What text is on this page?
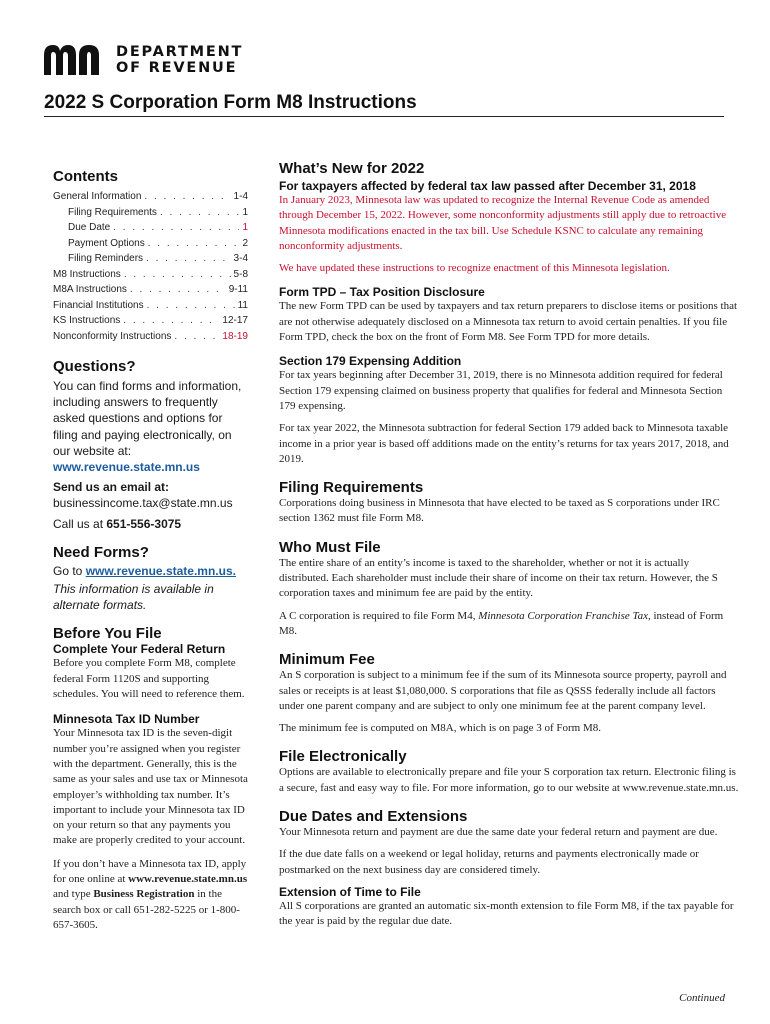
DEPARTMENT
OF REVENUE
2022 S Corporation Form M8 Instructions
Contents
General Information . . .	1-4
Filing Requirements . . .	1
Due Date . . .	1
Payment Options . . .	2
Filing Reminders . . .	3-4
M8 Instructions . . .	5-8
M8A Instructions . . .	9-11
Financial Institutions . . .	11
KS Instructions . . .	12-17
Nonconformity Instructions . . .	18-19
Questions?

You can find forms and information, including answers to frequently asked questions and options for filing and paying electronically, on our website at:

www.revenue.state.mn.us

Send us an email at:

businessincome.tax@state.mn.us

Call us at 651-556-3075

Need Forms?

Go to www.revenue.state.mn.us.

This information is available in alternate formats.

Before You File
Complete Your Federal Return

Before you complete Form M8, complete federal Form 1120S and supporting schedules. You will need to reference them.

Minnesota Tax ID Number

Your Minnesota tax ID is the seven-digit number you’re assigned when you register with the department. Generally, this is the same as your sales and use tax or Minnesota employer’s withholding tax number. It’s important to include your Minnesota tax ID on your return so that any payments you make are properly credited to your account.

If you don’t have a Minnesota tax ID, apply for one online at www.revenue.state.mn.us and type Business Registration in the search box or call 651-282-5225 or 1-800-657-3605.

What’s New for 2022
For taxpayers affected by federal tax law passed after December 31, 2018

In January 2023, Minnesota law was updated to recognize the Internal Revenue Code as amended through December 15, 2022. However, some nonconformity adjustments still apply due to retroactive Minnesota modifications enacted in the tax bill. Use Schedule KSNC to calculate any remaining nonconformity adjustments.

We have updated these instructions to recognize enactment of this Minnesota legislation.

Form TPD – Tax Position Disclosure

The new Form TPD can be used by taxpayers and tax return preparers to disclose items or positions that are not otherwise adequately disclosed on a Minnesota tax return to avoid certain penalties. If you file Form TPD, check the box on the front of Form M8. See Form TPD for more details.

Section 179 Expensing Addition

For tax years beginning after December 31, 2019, there is no Minnesota addition required for federal Section 179 expensing claimed on business property that qualifies for federal and Minnesota Section 179 expensing.

For tax year 2022, the Minnesota subtraction for federal Section 179 added back to Minnesota taxable income in a prior year is based off additions made on the entity’s returns for tax years 2017, 2018, and 2019.

Filing Requirements

Corporations doing business in Minnesota that have elected to be taxed as S corporations under IRC section 1362 must file Form M8.

Who Must File

The entire share of an entity’s income is taxed to the shareholder, whether or not it is actually distributed. Each shareholder must include their share of income on their tax return. However, the S corporation taxes and minimum fee are paid by the entity.

A C corporation is required to file Form M4, Minnesota Corporation Franchise Tax, instead of Form M8.

Minimum Fee

An S corporation is subject to a minimum fee if the sum of its Minnesota source property, payroll and sales or receipts is at least $1,080,000. S corporations that file as QSSS federally include all factors under one parent company and are subject to only one minimum fee at the parent company level.

The minimum fee is computed on M8A, which is on page 3 of Form M8.

File Electronically

Options are available to electronically prepare and file your S corporation tax return. Electronic filing is a secure, fast and easy way to file. For more information, go to our website at www.revenue.state.mn.us.

Due Dates and Extensions

Your Minnesota return and payment are due the same date your federal return and payment are due.

If the due date falls on a weekend or legal holiday, returns and payments electronically made or postmarked on the next business day are considered timely.

Extension of Time to File

All S corporations are granted an automatic six-month extension to file Form M8, if the tax payable for the year is paid by the regular due date.

Continued
